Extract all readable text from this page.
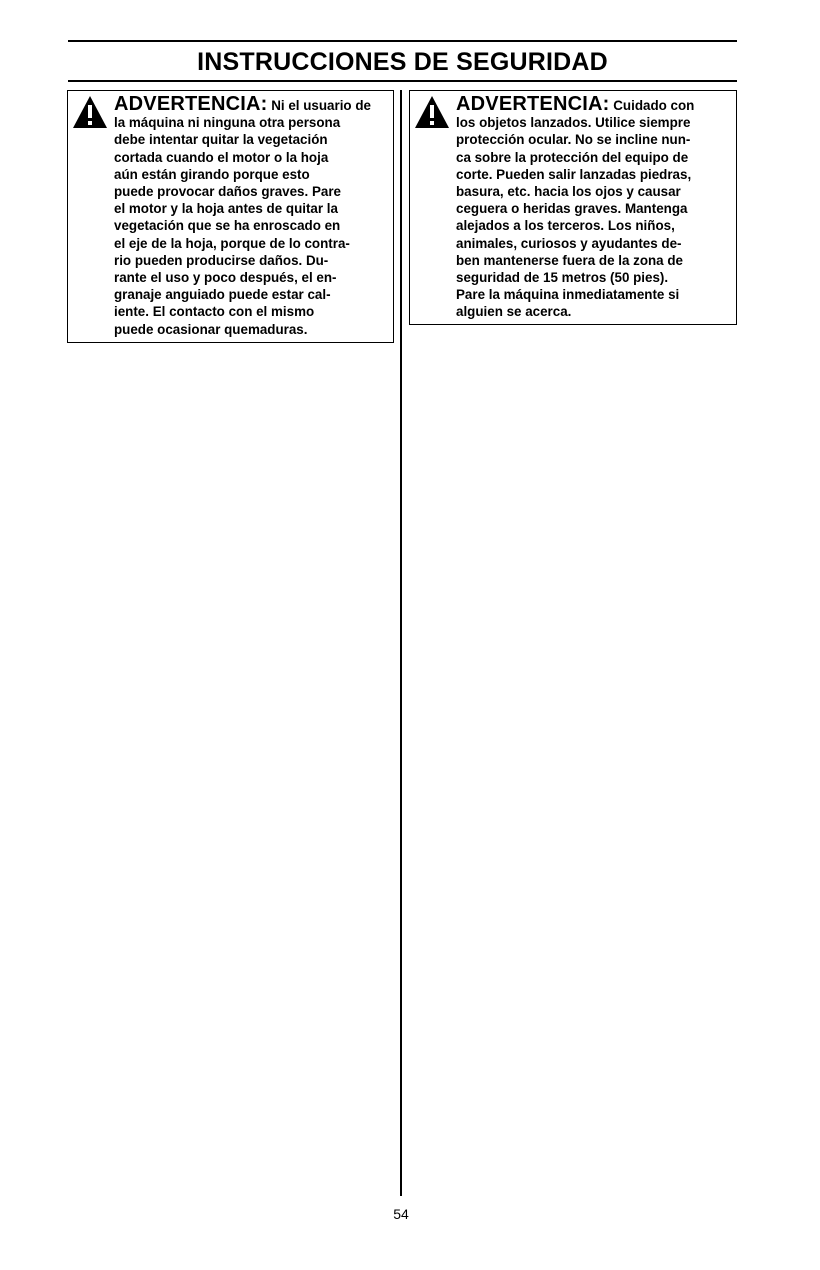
INSTRUCCIONES DE SEGURIDAD

ADVERTENCIA: Ni el usuario de
la máquina ni ninguna otra persona
debe intentar quitar la vegetación
cortada cuando el motor o la hoja
aún están girando porque esto
puede provocar daños graves. Pare
el motor y la hoja antes de quitar la
vegetación que se ha enroscado en
el eje de la hoja, porque de lo contra-
rio pueden producirse daños. Du-
rante el uso y poco después, el en-
granaje anguiado puede estar cal-
iente. El contacto con el mismo
puede ocasionar quemaduras.

ADVERTENCIA: Cuidado con
los objetos lanzados. Utilice siempre
protección ocular. No se incline nun-
ca sobre la protección del equipo de
corte. Pueden salir lanzadas piedras,
basura, etc. hacia los ojos y causar
ceguera o heridas graves. Mantenga
alejados a los terceros. Los niños,
animales, curiosos y ayudantes de-
ben mantenerse fuera de la zona de
seguridad de 15 metros (50 pies).
Pare la máquina inmediatamente si
alguien se acerca.

54
